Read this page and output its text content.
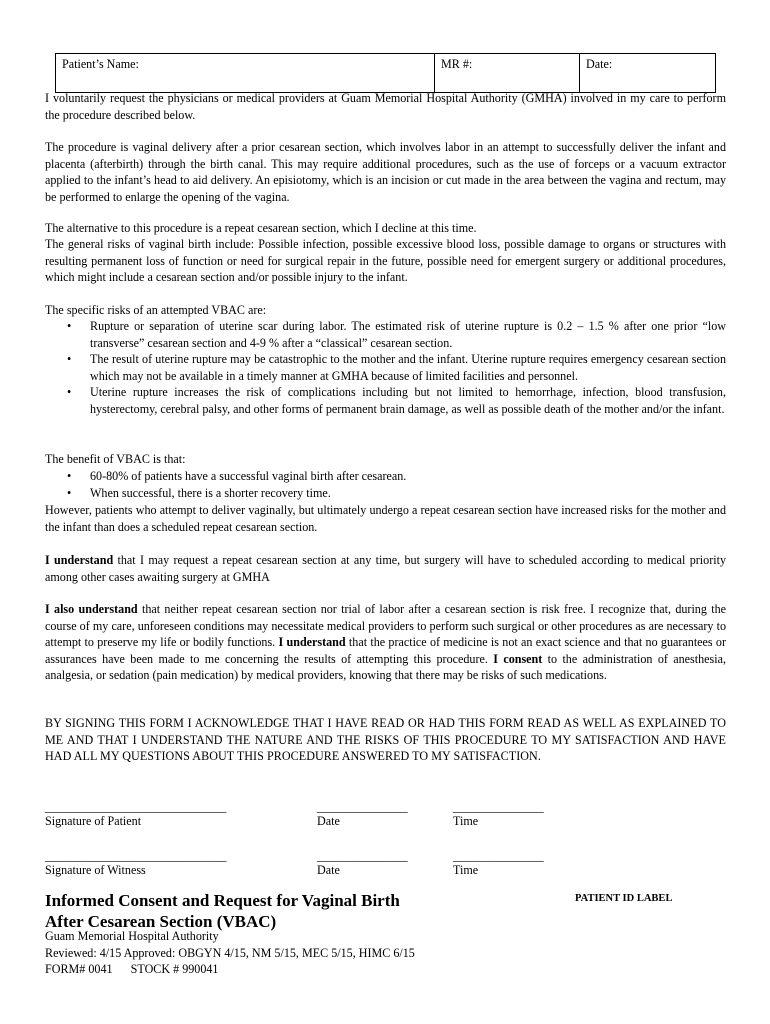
Patient’s Name:	MR #:	Date:

I voluntarily request the physicians or medical providers at Guam Memorial Hospital Authority (GMHA) involved in my care to perform the procedure described below.

The procedure is vaginal delivery after a prior cesarean section, which involves labor in an attempt to successfully deliver the infant and placenta (afterbirth) through the birth canal. This may require additional procedures, such as the use of forceps or a vacuum extractor applied to the infant’s head to aid delivery. An episiotomy, which is an incision or cut made in the area between the vagina and rectum, may be performed to enlarge the opening of the vagina.

The alternative to this procedure is a repeat cesarean section, which I decline at this time.

The general risks of vaginal birth include: Possible infection, possible excessive blood loss, possible damage to organs or structures with resulting permanent loss of function or need for surgical repair in the future, possible need for emergent surgery or additional procedures, which might include a cesarean section and/or possible injury to the infant.

The specific risks of an attempted VBAC are:

• Rupture or separation of uterine scar during labor. The estimated risk of uterine rupture is 0.2 – 1.5 % after one prior “low transverse” cesarean section and 4-9 % after a “classical” cesarean section.
• The result of uterine rupture may be catastrophic to the mother and the infant. Uterine rupture requires emergency cesarean section which may not be available in a timely manner at GMHA because of limited facilities and personnel.
• Uterine rupture increases the risk of complications including but not limited to hemorrhage, infection, blood transfusion, hysterectomy, cerebral palsy, and other forms of permanent brain damage, as well as possible death of the mother and/or the infant.

The benefit of VBAC is that:

• 60-80% of patients have a successful vaginal birth after cesarean.
• When successful, there is a shorter recovery time.

However, patients who attempt to deliver vaginally, but ultimately undergo a repeat cesarean section have increased risks for the mother and the infant than does a scheduled repeat cesarean section.

I understand that I may request a repeat cesarean section at any time, but surgery will have to scheduled according to medical priority among other cases awaiting surgery at GMHA

I also understand that neither repeat cesarean section nor trial of labor after a cesarean section is risk free. I recognize that, during the course of my care, unforeseen conditions may necessitate medical providers to perform such surgical or other procedures as are necessary to attempt to preserve my life or bodily functions. I understand that the practice of medicine is not an exact science and that no guarantees or assurances have been made to me concerning the results of attempting this procedure. I consent to the administration of anesthesia, analgesia, or sedation (pain medication) by medical providers, knowing that there may be risks of such medications.

BY SIGNING THIS FORM I ACKNOWLEDGE THAT I HAVE READ OR HAD THIS FORM READ AS WELL AS EXPLAINED TO ME AND THAT I UNDERSTAND THE NATURE AND THE RISKS OF THIS PROCEDURE TO MY SATISFACTION AND HAVE HAD ALL MY QUESTIONS ABOUT THIS PROCEDURE ANSWERED TO MY SATISFACTION.

______________________________	_______________	_______________
Signature of Patient	Date	Time
______________________________	_______________	_______________
Signature of Witness	Date	Time
Informed Consent and Request for Vaginal Birth
After Cesarean Section (VBAC)
PATIENT ID LABEL
Guam Memorial Hospital Authority
Reviewed: 4/15 Approved: OBGYN 4/15, NM 5/15, MEC 5/15, HIMC 6/15
FORM# 0041      STOCK # 990041
